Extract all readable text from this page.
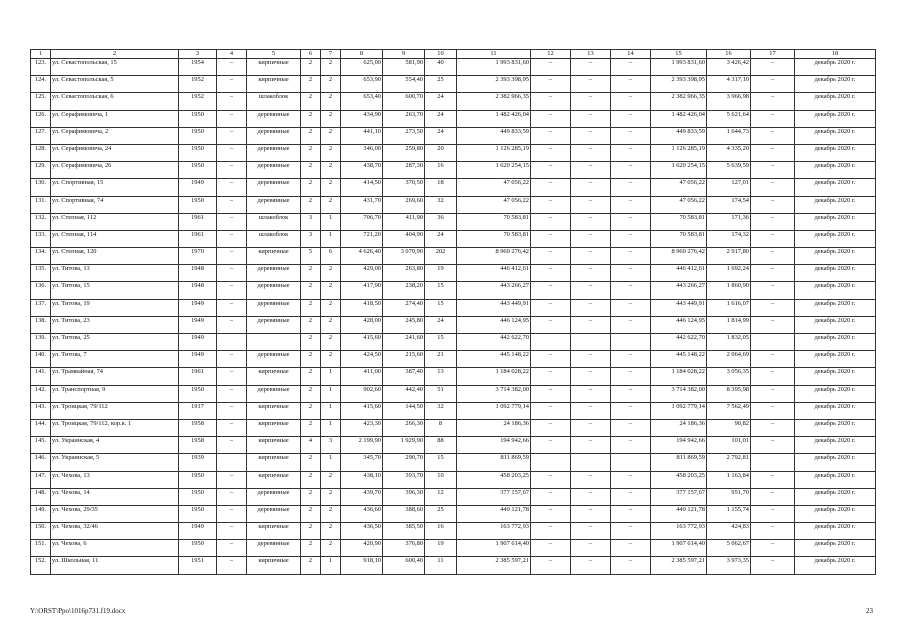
1	2	3	4	5	6	7	8	9	10	11	12	13	14	15	16	17	18
123.	ул. Севастопольская, 15	1954	–	кирпичные	2	2	625,00	581,90	40	1 993 831,60	–	–	–	1 993 831,60	3 426,42	–	декабрь 2020 г.
124.	ул. Севастопольская, 5	1952	–	кирпичные	2	2	653,90	554,40	25	2 393 398,95	–	–	–	2 393 398,95	4 317,10	–	декабрь 2020 г.
125.	ул. Севастопольская, 6	1952	–	шлакоблок	2	2	653,40	600,70	24	2 382 966,35	–	–	–	2 382 966,35	3 966,98	–	декабрь 2020 г.
126.	ул. Серафимовича, 1	1950	–	деревянные	2	2	434,90	263,70	24	1 482 426,04	–	–	–	1 482 426,04	5 621,64	–	декабрь 2020 г.
127.	ул. Серафимовича, 2	1950	–	деревянные	2	2	441,10	273,50	24	449 833,59	–	–	–	449 833,59	1 644,73	–	декабрь 2020 г.
128.	ул. Серафимовича, 24	1950	–	деревянные	2	2	346,00	259,80	20	1 126 285,19	–	–	–	1 126 285,19	4 335,20	–	декабрь 2020 г.
129.	ул. Серафимовича, 26	1950	–	деревянные	2	2	438,70	287,30	16	1 620 254,15	–	–	–	1 620 254,15	5 639,59	–	декабрь 2020 г.
130.	ул. Спортивная, 15	1949	–	деревянные	2	2	414,50	370,50	18	47 056,22	–	–	–	47 056,22	127,01	–	декабрь 2020 г.
131.	ул. Спортивная, 74	1950	–	деревянные	2	2	431,70	269,60	32	47 056,22	–	–	–	47 056,22	174,54	–	декабрь 2020 г.
132.	ул. Степная, 112	1961	–	шлакоблок	3	1	706,70	411,90	36	70 583,81	–	–	–	70 583,81	171,36	–	декабрь 2020 г.
133.	ул. Степная, 114	1961	–	шлакоблок	3	1	721,20	404,90	24	70 583,81	–	–	–	70 583,81	174,32	–	декабрь 2020 г.
134.	ул. Степная, 120	1970	–	кирпичные	5	6	4 626,40	3 070,90	202	8 960 276,42	–	–	–	8 960 276,42	2 917,80	–	декабрь 2020 г.
135.	ул. Титова, 13	1948	–	деревянные	2	2	429,00	263,80	19	446 412,61	–	–	–	446 412,61	1 692,24	–	декабрь 2020 г.
136.	ул. Титова, 15	1948	–	деревянные	2	2	417,90	238,20	15	443 266,27	–	–	–	443 266,27	1 860,90	–	декабрь 2020 г.
137.	ул. Титова, 19	1949	–	деревянные	2	2	418,50	274,40	15	443 449,91	–	–	–	443 449,91	1 616,07	–	декабрь 2020 г.
138.	ул. Титова, 23	1949	–	деревянные	2	2	428,00	245,80	24	446 124,95	–	–	–	446 124,95	1 814,99	–	декабрь 2020 г.
139.	ул. Титова, 25	1949			2	2	415,60	241,60	15	442 622,70				442 622,70	1 832,05		декабрь 2020 г.
140.	ул. Титова, 7	1949	–	деревянные	2	2	424,50	215,60	21	445 148,22	–	–	–	445 148,22	2 064,69	–	декабрь 2020 г.
141.	ул. Трамвайная, 74	1961	–	кирпичные	2	1	411,00	387,40	13	1 184 028,22	–	–	–	1 184 028,22	3 056,35	–	декабрь 2020 г.
142.	ул. Транспортная, 9	1950	–	деревянные	2	1	902,60	442,40	51	3 714 382,00	–	–	–	3 714 382,00	8 395,98	–	декабрь 2020 г.
143.	ул. Троицкая, 79/112	1917	–	кирпичные	2	1	415,60	144,50	32	1 092 779,14	–	–	–	1 092 779,14	7 562,49	–	декабрь 2020 г.
144.	ул. Троицкая, 79/112, кор.в. 1	1958	–	кирпичные	2	1	423,30	266,30	8	24 186,36	–	–	–	24 186,36	90,82	–	декабрь 2020 г.
145.	ул. Украинская, 4	1958	–	кирпичные	4	3	2 199,90	1 929,90	88	194 942,66	–	–	–	194 942,66	101,01	–	декабрь 2020 г.
146.	ул. Украинская, 5	1939		кирпичные	2	1	345,70	290,70	15	811 869,59				811 869,59	2 792,81		декабрь 2020 г.
147.	ул. Чехова, 13	1950	–	кирпичные	2	2	438,10	393,70	10	458 203,25	–	–	–	458 203,25	1 163,84	–	декабрь 2020 г.
148.	ул. Чехова, 14	1950	–	деревянные	2	2	439,70	396,30	12	377 157,67	–	–	–	377 157,67	951,70	–	декабрь 2020 г.
149.	ул. Чехова, 29/35	1950	–	деревянные	2	2	436,60	388,60	25	449 121,78	–	–	–	449 121,78	1 155,74	–	декабрь 2020 г.
150.	ул. Чехова, 32/46	1949	–	кирпичные	2	2	436,50	385,50	16	163 772,93	–	–	–	163 772,93	424,83	–	декабрь 2020 г.
151.	ул. Чехова, 6	1950	–	деревянные	2	2	420,90	376,80	19	1 907 614,40	–	–	–	1 907 614,40	5 062,67	–	декабрь 2020 г.
152.	ул. Школьная, 11	1951	–	кирпичные	2	1	918,10	600,40	11	2 385 597,21	–	–	–	2 385 597,21	3 973,35	–	декабрь 2020 г.
Y:\ORST\Ppo\1016p731.f19.docx	23
